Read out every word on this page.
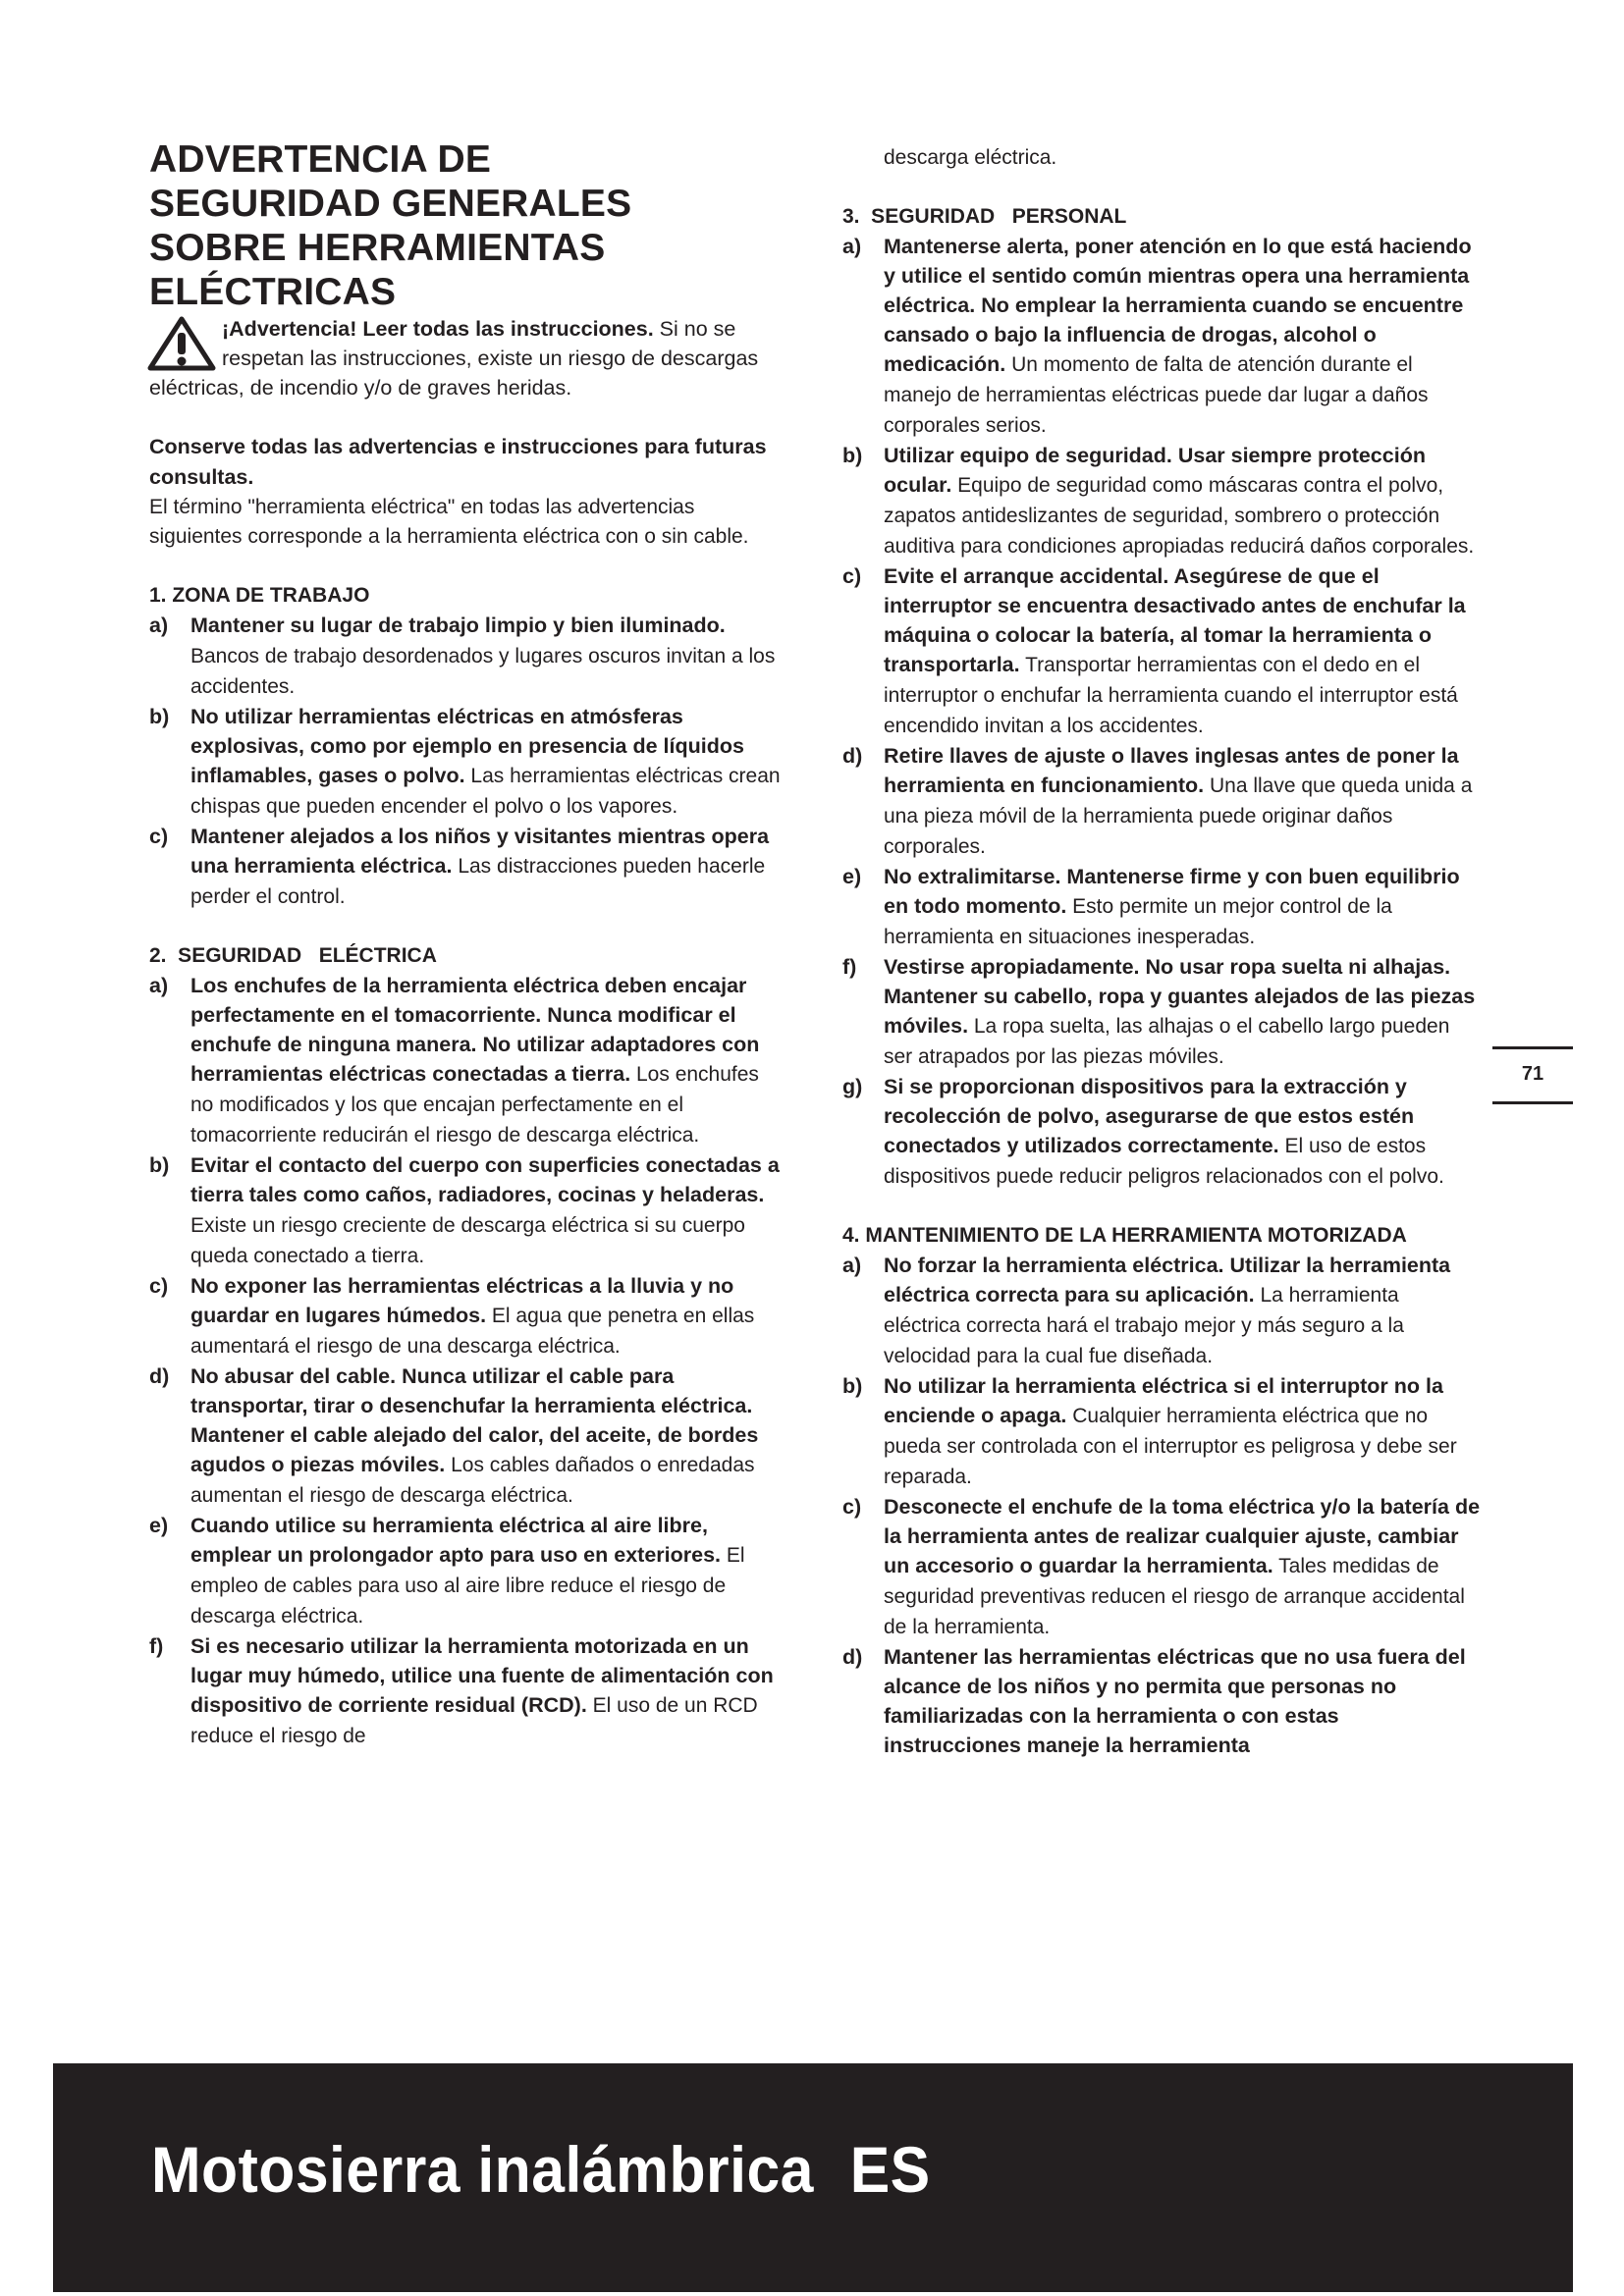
ADVERTENCIA DE
SEGURIDAD GENERALES
SOBRE HERRAMIENTAS
ELÉCTRICAS

¡Advertencia! Leer todas las instrucciones. Si no se respetan las instrucciones, existe un riesgo de descargas eléctricas, de incendio y/o de graves heridas.

Conserve todas las advertencias e instrucciones para futuras consultas.
El término "herramienta eléctrica" en todas las advertencias siguientes corresponde a la herramienta eléctrica con o sin cable.

1. ZONA DE TRABAJO
a)	Mantener su lugar de trabajo limpio y bien iluminado. Bancos de trabajo desordenados y lugares oscuros invitan a los accidentes.
b)	No utilizar herramientas eléctricas en atmósferas explosivas, como por ejemplo en presencia de líquidos inflamables, gases o polvo. Las herramientas eléctricas crean chispas que pueden encender el polvo o los vapores.
c)	Mantener alejados a los niños y visitantes mientras opera una herramienta eléctrica. Las distracciones pueden hacerle perder el control.
2.  SEGURIDAD   ELÉCTRICA
a)	Los enchufes de la herramienta eléctrica deben encajar perfectamente en el tomacorriente. Nunca modificar el enchufe de ninguna manera. No utilizar adaptadores con herramientas eléctricas conectadas a tierra. Los enchufes no modificados y los que encajan perfectamente en el tomacorriente reducirán el riesgo de descarga eléctrica.
b)	Evitar el contacto del cuerpo con superficies conectadas a tierra tales como caños, radiadores, cocinas y heladeras. Existe un riesgo creciente de descarga eléctrica si su cuerpo queda conectado a tierra.
c)	No exponer las herramientas eléctricas a la lluvia y no guardar en lugares húmedos. El agua que penetra en ellas aumentará el riesgo de una descarga eléctrica.
d)	No abusar del cable. Nunca utilizar el cable para transportar, tirar o desenchufar la herramienta eléctrica. Mantener el cable alejado del calor, del aceite, de bordes agudos o piezas móviles. Los cables dañados o enredadas aumentan el riesgo de descarga eléctrica.
e)	Cuando utilice su herramienta eléctrica al aire libre, emplear un prolongador apto para uso en exteriores. El empleo de cables para uso al aire libre reduce el riesgo de descarga eléctrica.
f)	Si es necesario utilizar la herramienta motorizada en un lugar muy húmedo, utilice una fuente de alimentación con dispositivo de corriente residual (RCD). El uso de un RCD reduce el riesgo de
descarga eléctrica.
3.  SEGURIDAD   PERSONAL
a)	Mantenerse alerta, poner atención en lo que está haciendo y utilice el sentido común mientras opera una herramienta eléctrica. No emplear la herramienta cuando se encuentre cansado o bajo la influencia de drogas, alcohol o medicación. Un momento de falta de atención durante el manejo de herramientas eléctricas puede dar lugar a daños corporales serios.
b)	Utilizar equipo de seguridad. Usar siempre protección ocular. Equipo de seguridad como máscaras contra el polvo, zapatos antideslizantes de seguridad, sombrero o protección auditiva para condiciones apropiadas reducirá daños corporales.
c)	Evite el arranque accidental. Asegúrese de que el interruptor se encuentra desactivado antes de enchufar la máquina o colocar la batería, al tomar la herramienta o transportarla. Transportar herramientas con el dedo en el interruptor o enchufar la herramienta cuando el interruptor está encendido invitan a los accidentes.
d)	Retire llaves de ajuste o llaves inglesas antes de poner la herramienta en funcionamiento. Una llave que queda unida a una pieza móvil de la herramienta puede originar daños corporales.
e)	No extralimitarse. Mantenerse firme y con buen equilibrio en todo momento. Esto permite un mejor control de la herramienta en situaciones inesperadas.
f)	Vestirse apropiadamente. No usar ropa suelta ni alhajas. Mantener su cabello, ropa y guantes alejados de las piezas móviles. La ropa suelta, las alhajas o el cabello largo pueden ser atrapados por las piezas móviles.
g)	Si se proporcionan dispositivos para la extracción y recolección de polvo, asegurarse de que estos estén conectados y utilizados correctamente. El uso de estos dispositivos puede reducir peligros relacionados con el polvo.
4. MANTENIMIENTO DE LA HERRAMIENTA MOTORIZADA
a)	No forzar la herramienta eléctrica. Utilizar la herramienta eléctrica correcta para su aplicación. La herramienta eléctrica correcta hará el trabajo mejor y más seguro a la velocidad para la cual fue diseñada.
b)	No utilizar la herramienta eléctrica si el interruptor no la enciende o apaga. Cualquier herramienta eléctrica que no pueda ser controlada con el interruptor es peligrosa y debe ser reparada.
c)	Desconecte el enchufe de la toma eléctrica y/o la batería de la herramienta antes de realizar cualquier ajuste, cambiar un accesorio o guardar la herramienta. Tales medidas de seguridad preventivas reducen el riesgo de arranque accidental de la herramienta.
d)	Mantener las herramientas eléctricas que no usa fuera del alcance de los niños y no permita que personas no familiarizadas con la herramienta o con estas instrucciones maneje la herramienta
71
Motosierra inalámbrica ES
